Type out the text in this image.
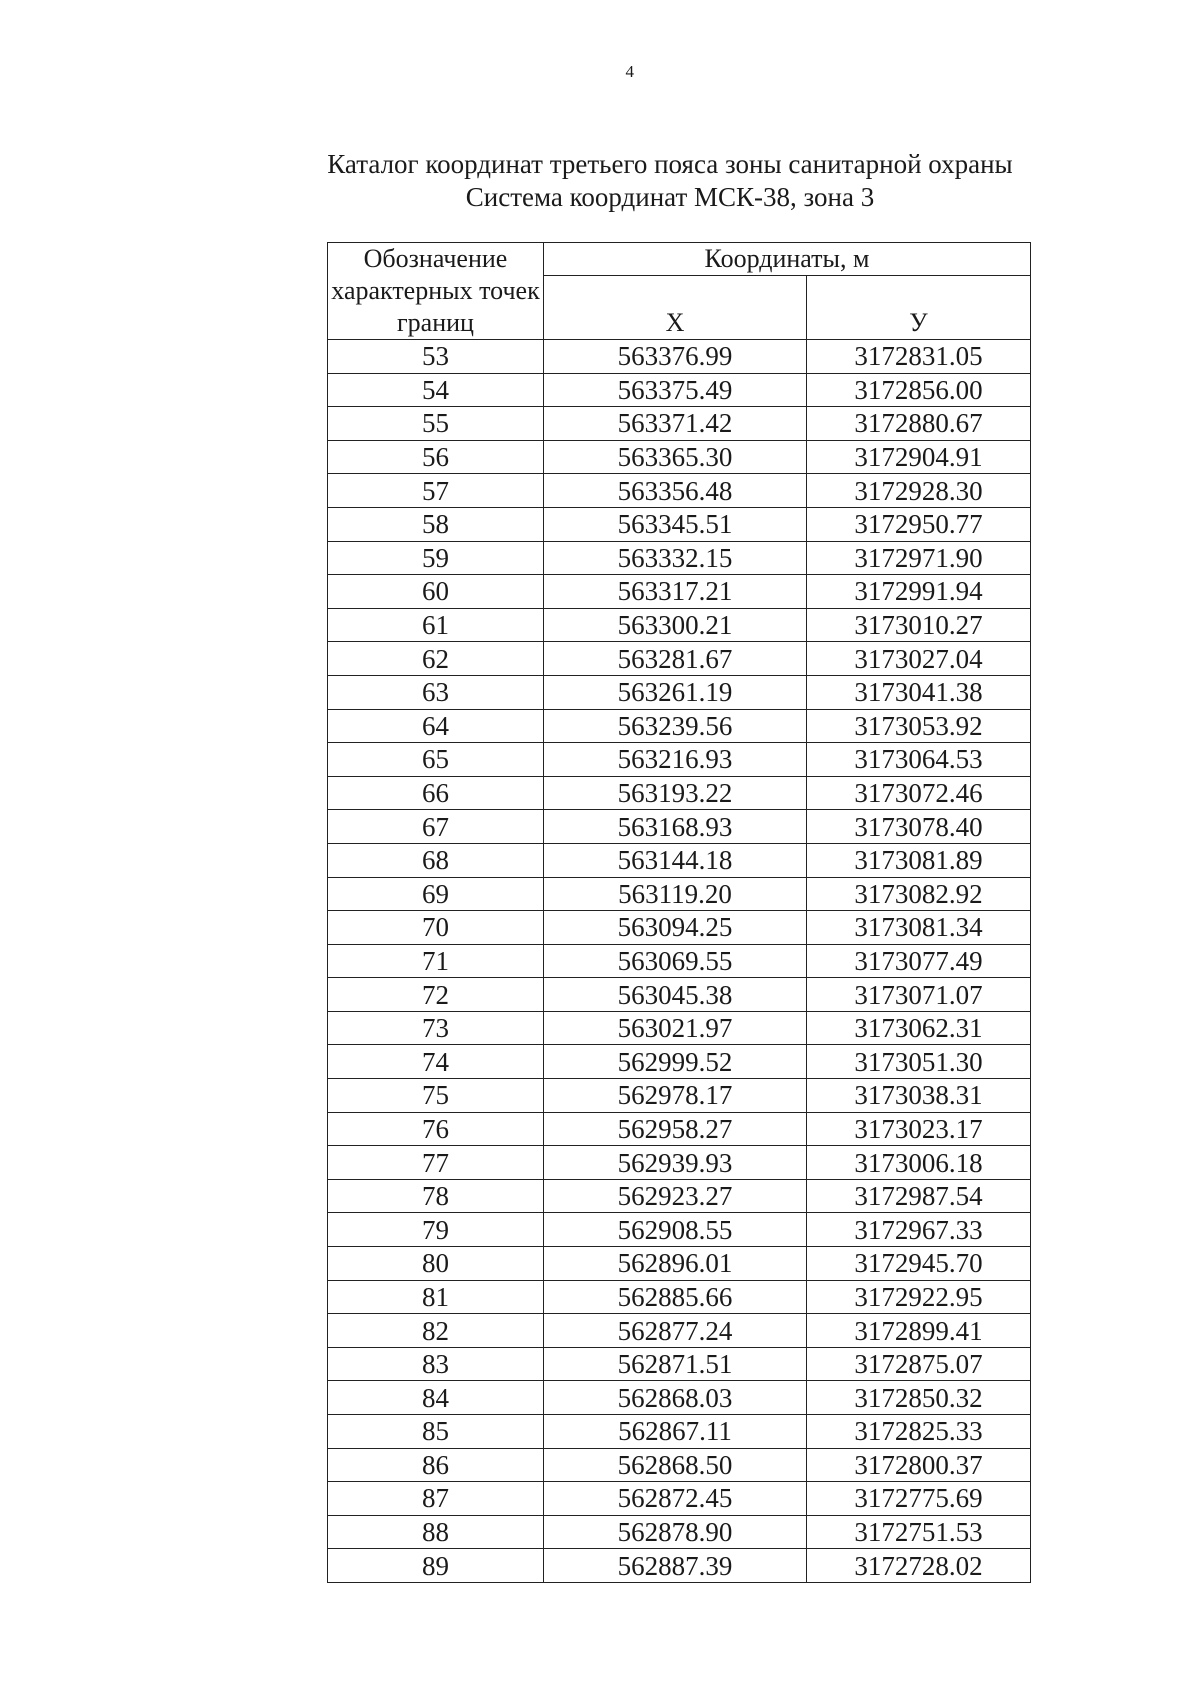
4
Каталог координат третьего пояса зоны санитарной охраны
Система координат МСК-38, зона 3
Обозначение характерных точек границ	Координаты, м	
	X	У
53	563376.99	3172831.05
54	563375.49	3172856.00
55	563371.42	3172880.67
56	563365.30	3172904.91
57	563356.48	3172928.30
58	563345.51	3172950.77
59	563332.15	3172971.90
60	563317.21	3172991.94
61	563300.21	3173010.27
62	563281.67	3173027.04
63	563261.19	3173041.38
64	563239.56	3173053.92
65	563216.93	3173064.53
66	563193.22	3173072.46
67	563168.93	3173078.40
68	563144.18	3173081.89
69	563119.20	3173082.92
70	563094.25	3173081.34
71	563069.55	3173077.49
72	563045.38	3173071.07
73	563021.97	3173062.31
74	562999.52	3173051.30
75	562978.17	3173038.31
76	562958.27	3173023.17
77	562939.93	3173006.18
78	562923.27	3172987.54
79	562908.55	3172967.33
80	562896.01	3172945.70
81	562885.66	3172922.95
82	562877.24	3172899.41
83	562871.51	3172875.07
84	562868.03	3172850.32
85	562867.11	3172825.33
86	562868.50	3172800.37
87	562872.45	3172775.69
88	562878.90	3172751.53
89	562887.39	3172728.02
